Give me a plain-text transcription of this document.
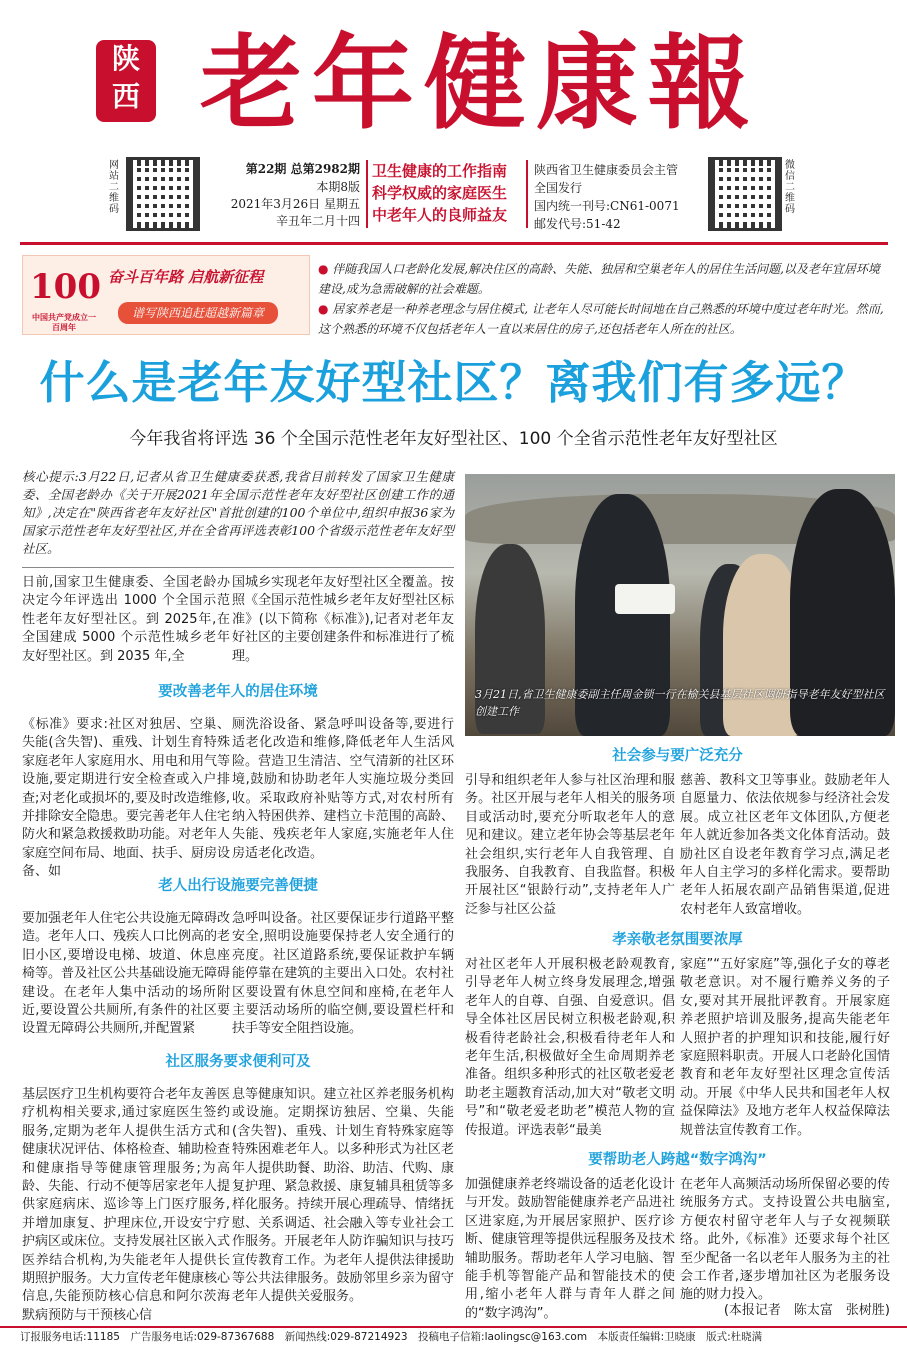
陕
西 老年健康報
网站二维码
第22期 总第2982期
本期8版
2021年3月26日 星期五
辛丑年二月十四
卫生健康的工作指南
科学权威的家庭医生
中老年人的良师益友
陕西省卫生健康委员会主管
全国发行
国内统一刊号:CN61-0071
邮发代号:51-42
微信二维码
100
中国共产党成立一百周年
奋斗百年路 启航新征程
谱写陕西追赶超越新篇章

● 伴随我国人口老龄化发展,解决住区的高龄、失能、独居和空巢老年人的居住生活问题,以及老年宜居环境建设,成为急需破解的社会难题。

● 居家养老是一种养老理念与居住模式, 让老年人尽可能长时间地在自己熟悉的环境中度过老年时光。然而,这个熟悉的环境不仅包括老年人一直以来居住的房子,还包括老年人所在的社区。

什么是老年友好型社区？离我们有多远？
今年我省将评选 36 个全国示范性老年友好型社区、100 个全省示范性老年友好型社区
核心提示:3月22日,记者从省卫生健康委获悉,我省目前转发了国家卫生健康委、全国老龄办《关于开展2021年全国示范性老年友好型社区创建工作的通知》,决定在"陕西省老年友好社区"首批创建的100个单位中,组织申报36家为国家示范性老年友好型社区,并在全省再评选表彰100个省级示范性老年友好型社区。
日前,国家卫生健康委、全国老龄办决定今年评选出 1000 个全国示范性老年友好型社区。到 2025年,在全国建成 5000 个示范性城乡老年友好型社区。到 2035 年,全
国城乡实现老年友好型社区全覆盖。按照《全国示范性城乡老年友好型社区标准》(以下简称《标准》),记者对老年友好社区的主要创建条件和标准进行了梳理。
要改善老年人的居住环境
《标准》要求:社区对独居、空巢、失能(含失智)、重残、计划生育特殊家庭老年人家庭用水、用电和用气等设施,要定期进行安全检查或入户排查;对老化或损坏的,要及时改造维修,并排除安全隐患。要完善老年人住宅防火和紧急救援救助功能。对老年人家庭空间布局、地面、扶手、厨房设备、如
厕洗浴设备、紧急呼叫设备等,要进行适老化改造和维修,降低老年人生活风险。营造卫生清洁、空气清新的社区环境,鼓励和协助老年人实施垃圾分类回收。采取政府补贴等方式,对农村所有纳入特困供养、建档立卡范围的高龄、失能、残疾老年人家庭,实施老年人住房适老化改造。
老人出行设施要完善便捷
要加强老年人住宅公共设施无障碍改造。老年人口、残疾人口比例高的老旧小区,要增设电梯、坡道、休息座椅等。普及社区公共基础设施无障碍建设。在老年人集中活动的场所附近,要设置公共厕所,有条件的社区要设置无障碍公共厕所,并配置紧
急呼叫设备。社区要保证步行道路平整安全,照明设施要保持老人安全通行的亮度。社区道路系统,要保证救护车辆能停靠在建筑的主要出入口处。农村社区要设置有休息空间和座椅,在老年人主要活动场所的临空侧,要设置栏杆和扶手等安全阻挡设施。
社区服务要求便利可及
基层医疗卫生机构要符合老年友善医疗机构相关要求,通过家庭医生签约服务,定期为老年人提供生活方式和健康状况评估、体格检查、辅助检查和健康指导等健康管理服务;为高龄、失能、行动不便等居家老年人提供家庭病床、巡诊等上门医疗服务,并增加康复、护理床位,开设安宁疗护病区或床位。支持发展社区嵌入式医养结合机构,为失能老年人提供长期照护服务。大力宣传老年健康核心信息,失能预防核心信息和阿尔茨海默病预防与干预核心信
息等健康知识。建立社区养老服务机构或设施。定期探访独居、空巢、失能(含失智)、重残、计划生育特殊家庭等特殊困难老年人。以多种形式为社区老年人提供助餐、助浴、助洁、代购、康复护理、紧急救援、康复辅具租赁等多样化服务。持续开展心理疏导、情绪抚慰、关系调适、社会融入等专业社会工作服务。开展老年人防诈骗知识与技巧宣传教育工作。为老年人提供法律援助等公共法律服务。鼓励邻里乡亲为留守老年人提供关爱服务。
3月21日,省卫生健康委副主任周金锁一行在榆关县基层社区调研指导老年友好型社区创建工作
社会参与要广泛充分
引导和组织老年人参与社区治理和服务。社区开展与老年人相关的服务项目或活动时,要充分听取老年人的意见和建议。建立老年协会等基层老年社会组织,实行老年人自我管理、自我服务、自我教育、自我监督。积极开展社区“银龄行动”,支持老年人广泛参与社区公益
慈善、教科文卫等事业。鼓励老年人自愿量力、依法依规参与经济社会发展。成立社区老年文体团队,方便老年人就近参加各类文化体育活动。鼓励社区自设老年教育学习点,满足老年人自主学习的多样化需求。要帮助老年人拓展农副产品销售渠道,促进农村老年人致富增收。
孝亲敬老氛围要浓厚
对社区老年人开展积极老龄观教育,引导老年人树立终身发展理念,增强老年人的自尊、自强、自爱意识。倡导全体社区居民树立积极老龄观,积极看待老龄社会,积极看待老年人和老年生活,积极做好全生命周期养老准备。组织多种形式的社区敬老爱老助老主题教育活动,加大对“敬老文明号”和“敬老爱老助老”模范人物的宣传报道。评选表彰“最美
家庭”“五好家庭”等,强化子女的尊老敬老意识。对不履行赡养义务的子女,要对其开展批评教育。开展家庭养老照护培训及服务,提高失能老年人照护者的护理知识和技能,履行好家庭照料职责。开展人口老龄化国情教育和老年友好型社区理念宣传活动。开展《中华人民共和国老年人权益保障法》及地方老年人权益保障法规普法宣传教育工作。
要帮助老人跨越“数字鸿沟”
加强健康养老终端设备的适老化设计与开发。鼓励智能健康养老产品进社区进家庭,为开展居家照护、医疗诊断、健康管理等提供远程服务及技术辅助服务。帮助老年人学习电脑、智能手机等智能产品和智能技术的使用,缩小老年人群与青年人群之间的“数字鸿沟”。
在老年人高频活动场所保留必要的传统服务方式。支持设置公共电脑室,方便农村留守老年人与子女视频联络。此外,《标准》还要求每个社区至少配备一名以老年人服务为主的社会工作者,逐步增加社区为老服务设施的财力投入。
(本报记者　陈太富　张树胜)
订报服务电话:11185　广告服务电话:029-87367688　新闻热线:029-87214923　投稿电子信箱:laolingsc@163.com　本版责任编辑:卫晓康　版式:杜晓满
